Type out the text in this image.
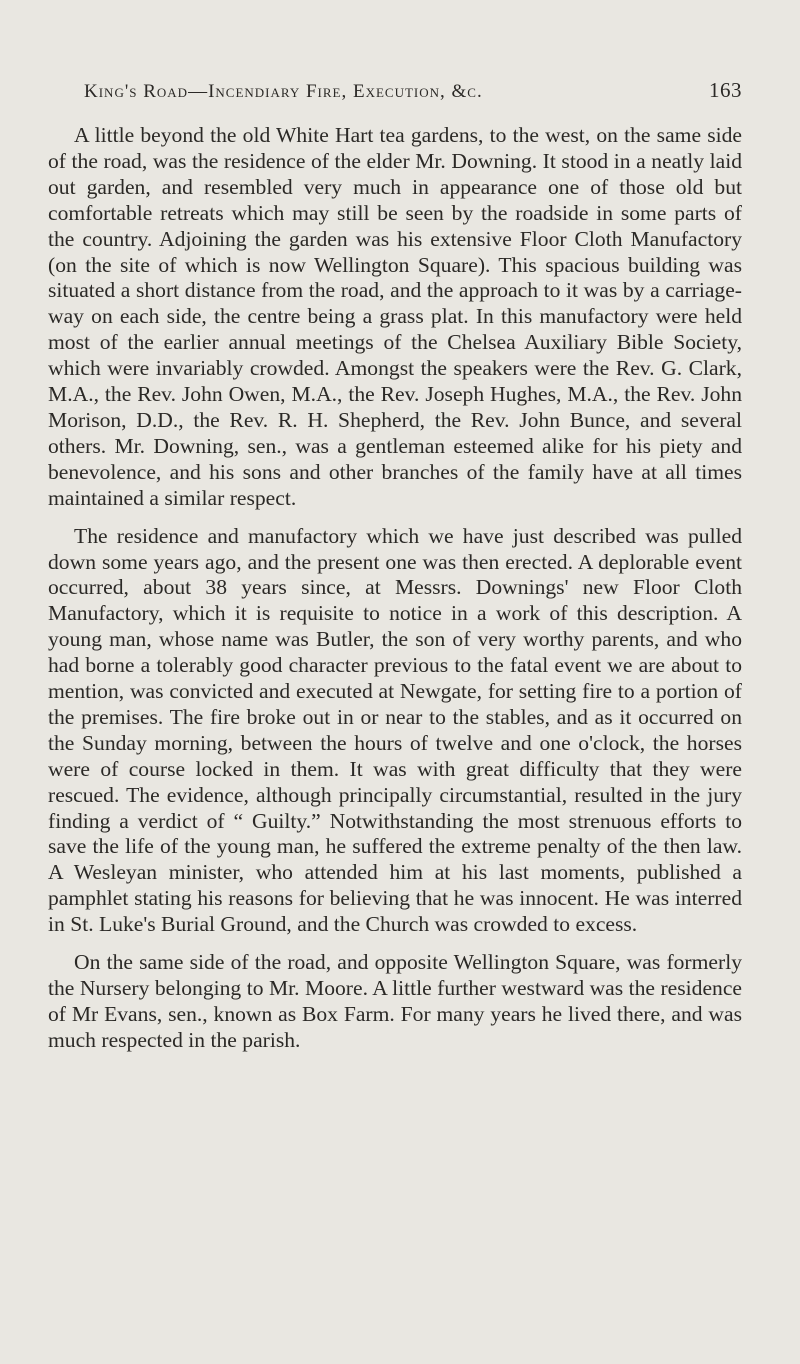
King's Road—Incendiary Fire, Execution, &c.	163

A little beyond the old White Hart tea gardens, to the west, on the same side of the road, was the residence of the elder Mr. Downing. It stood in a neatly laid out garden, and resembled very much in appearance one of those old but comfortable retreats which may still be seen by the roadside in some parts of the country. Adjoining the garden was his extensive Floor Cloth Manufactory (on the site of which is now Wellington Square). This spacious building was situated a short distance from the road, and the approach to it was by a carriage-way on each side, the centre being a grass plat. In this manufactory were held most of the earlier annual meetings of the Chelsea Auxiliary Bible Society, which were invariably crowded. Amongst the speakers were the Rev. G. Clark, M.A., the Rev. John Owen, M.A., the Rev. Joseph Hughes, M.A., the Rev. John Morison, D.D., the Rev. R. H. Shepherd, the Rev. John Bunce, and several others. Mr. Downing, sen., was a gentleman esteemed alike for his piety and benevolence, and his sons and other branches of the family have at all times maintained a similar respect.

The residence and manufactory which we have just described was pulled down some years ago, and the present one was then erected. A deplorable event occurred, about 38 years since, at Messrs. Downings' new Floor Cloth Manufactory, which it is requisite to notice in a work of this description. A young man, whose name was Butler, the son of very worthy parents, and who had borne a tolerably good character previous to the fatal event we are about to mention, was convicted and executed at Newgate, for setting fire to a portion of the premises. The fire broke out in or near to the stables, and as it occurred on the Sunday morning, between the hours of twelve and one o'clock, the horses were of course locked in them. It was with great difficulty that they were rescued. The evidence, although principally circumstantial, resulted in the jury finding a verdict of “ Guilty.” Notwithstanding the most strenuous efforts to save the life of the young man, he suffered the extreme penalty of the then law. A Wesleyan minister, who attended him at his last moments, published a pamphlet stating his reasons for believing that he was innocent. He was interred in St. Luke's Burial Ground, and the Church was crowded to excess.

On the same side of the road, and opposite Wellington Square, was formerly the Nursery belonging to Mr. Moore. A little further westward was the residence of Mr Evans, sen., known as Box Farm. For many years he lived there, and was much respected in the parish.
